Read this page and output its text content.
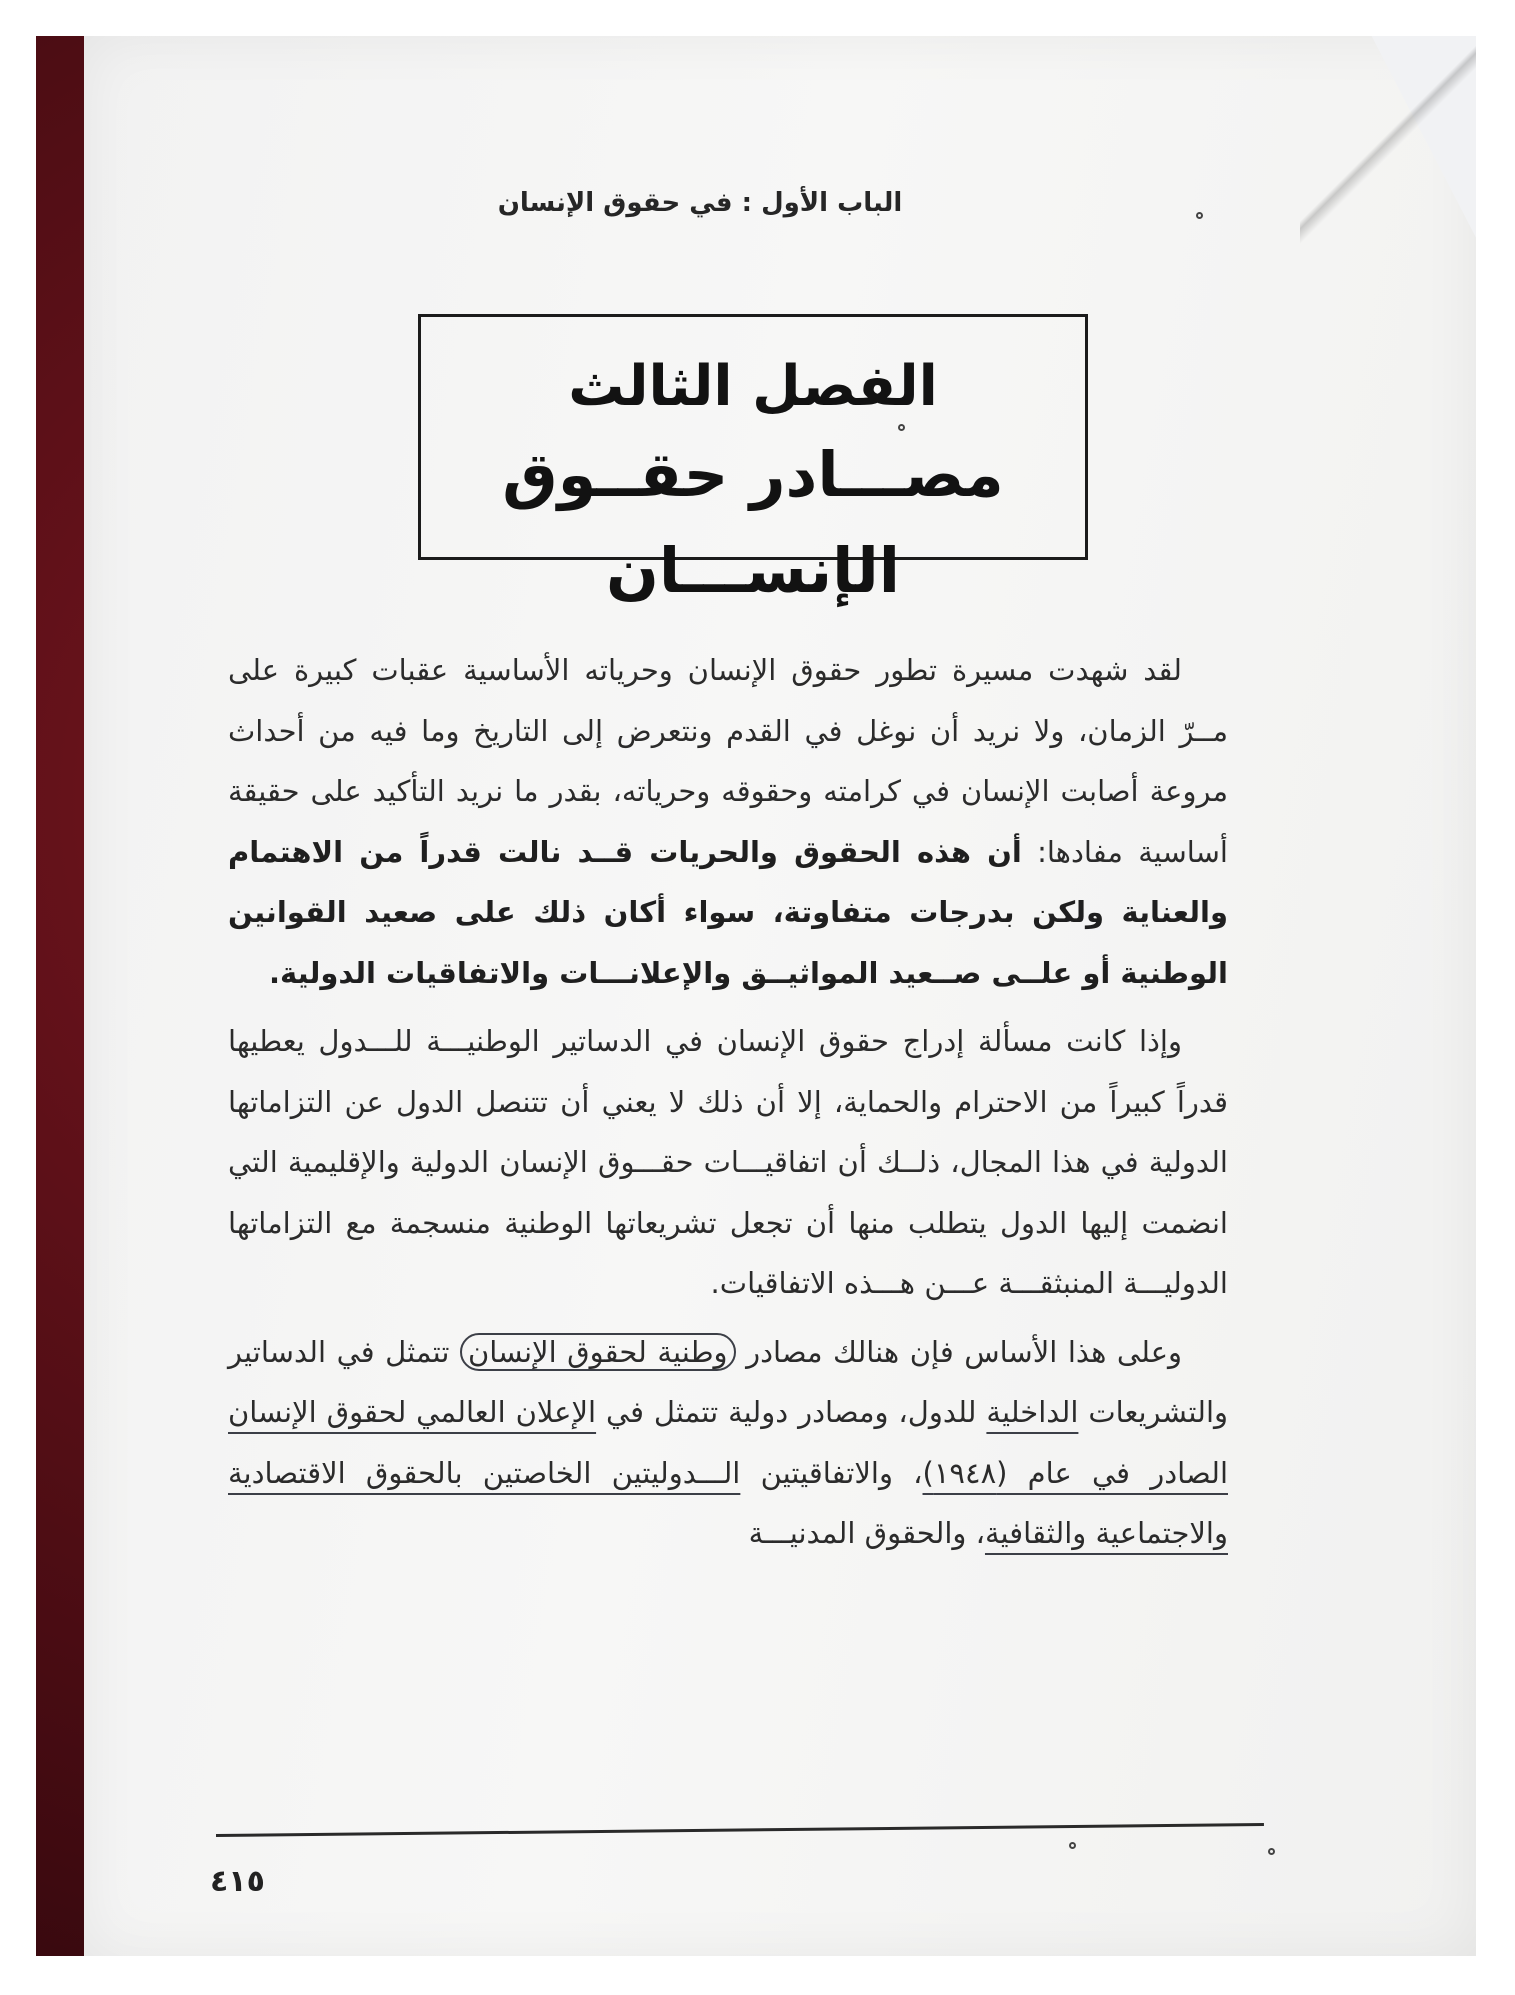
الباب الأول : في حقوق الإنسان
الفصل الثالث
مصـــادر حقــوق الإنســـان

لقد شهدت مسيرة تطور حقوق الإنسان وحرياته الأساسية عقبات كبيرة على مــرّ الزمان، ولا نريد أن نوغل في القدم ونتعرض إلى التاريخ وما فيه من أحداث مروعة أصابت الإنسان في كرامته وحقوقه وحرياته، بقدر ما نريد التأكيد على حقيقة أساسية مفادها: أن هذه الحقوق والحريات قــد نالت قدراً من الاهتمام والعناية ولكن بدرجات متفاوتة، سواء أكان ذلك على صعيد القوانين الوطنية أو علــى صــعيد المواثيــق والإعلانـــات والاتفاقيات الدولية.

وإذا كانت مسألة إدراج حقوق الإنسان في الدساتير الوطنيـــة للـــدول يعطيها قدراً كبيراً من الاحترام والحماية، إلا أن ذلك لا يعني أن تتنصل الدول عن التزاماتها الدولية في هذا المجال، ذلــك أن اتفاقيـــات حقـــوق الإنسان الدولية والإقليمية التي انضمت إليها الدول يتطلب منها أن تجعل تشريعاتها الوطنية منسجمة مع التزاماتها الدوليـــة المنبثقـــة عـــن هـــذه الاتفاقيات.

وعلى هذا الأساس فإن هنالك مصادر وطنية لحقوق الإنسان تتمثل في الدساتير والتشريعات الداخلية للدول، ومصادر دولية تتمثل في الإعلان العالمي لحقوق الإنسان الصادر في عام (١٩٤٨)، والاتفاقيتين الـــدوليتين الخاصتين بالحقوق الاقتصادية والاجتماعية والثقافية، والحقوق المدنيـــة

٤١٥
